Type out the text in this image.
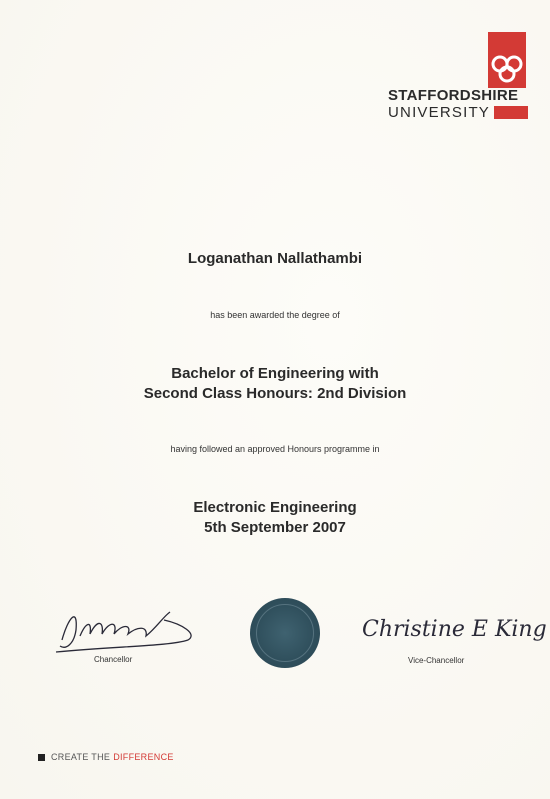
STAFFORDSHIRE
UNIVERSITY
Loganathan Nallathambi
has been awarded the degree of
Bachelor of Engineering with
Second Class Honours: 2nd Division
having followed an approved Honours programme in
Electronic Engineering
5th September 2007
Chancellor
Christine E King
Vice-Chancellor
CREATE THE DIFFERENCE
